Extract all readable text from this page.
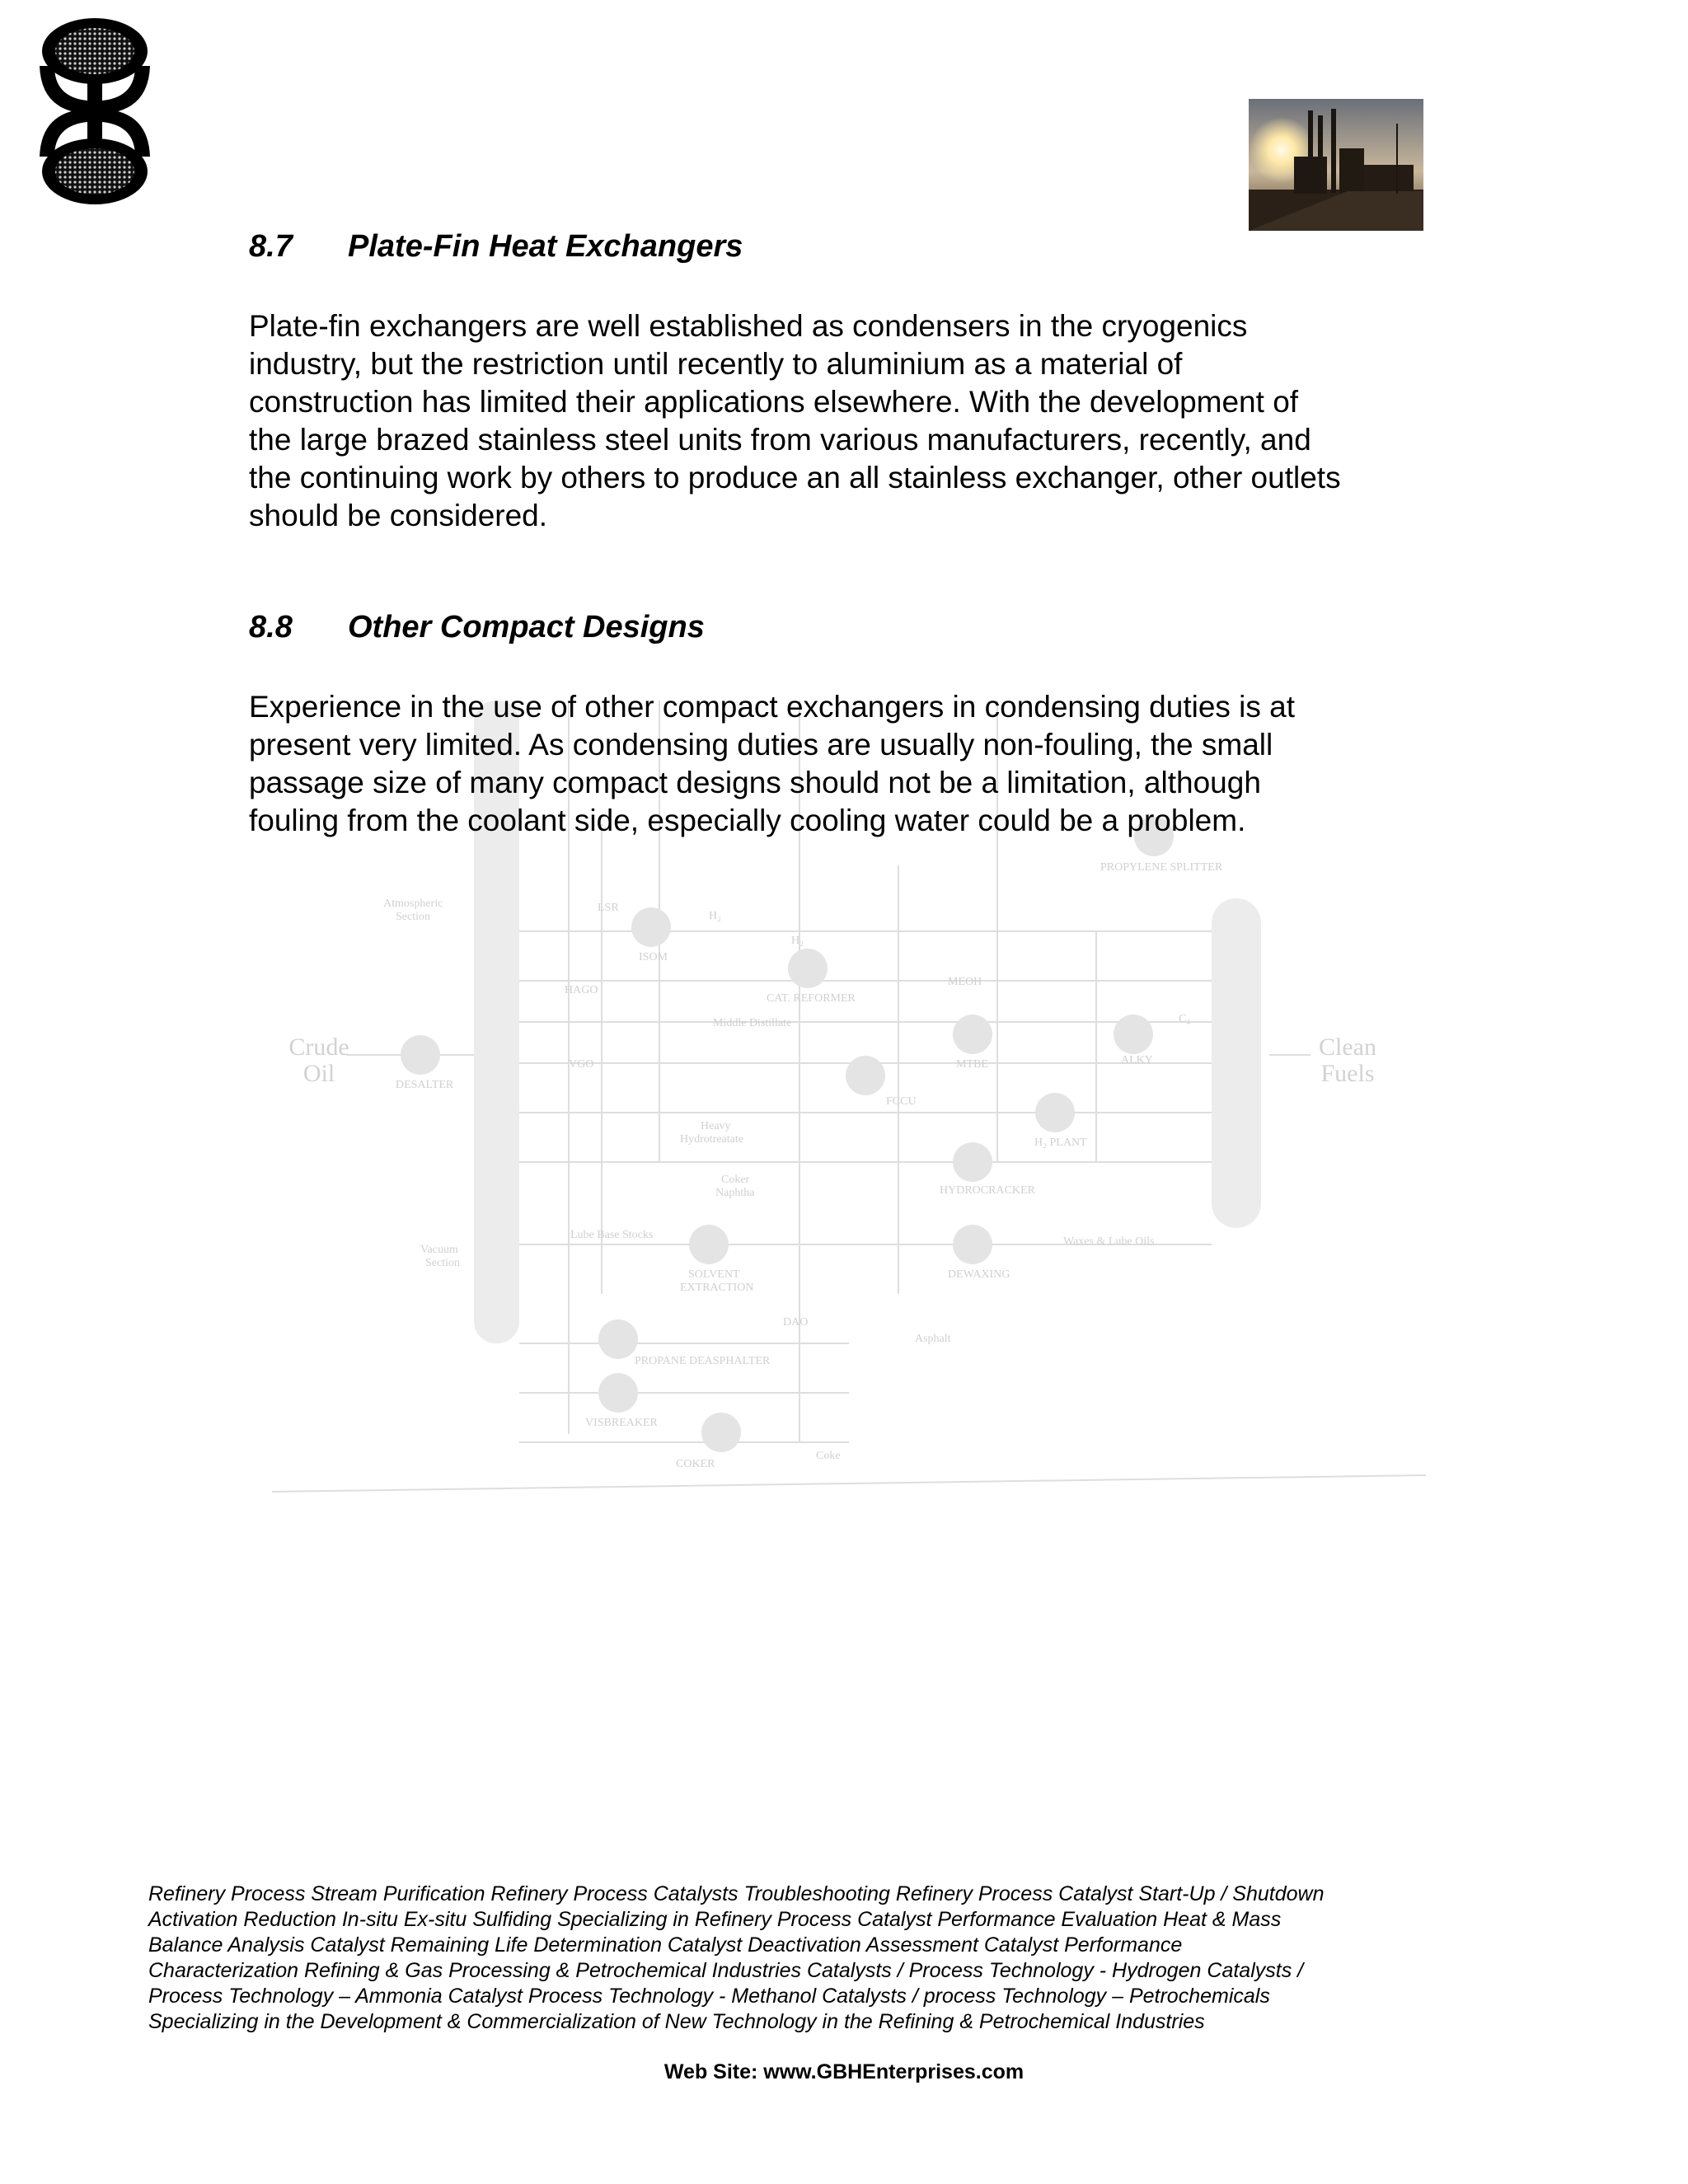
8.7 Plate-Fin Heat Exchangers
Plate-fin exchangers are well established as condensers in the cryogenics
industry, but the restriction until recently to aluminium as a material of
construction has limited their applications elsewhere. With the development of
the large brazed stainless steel units from various manufacturers, recently, and
the continuing work by others to produce an all stainless exchanger, other outlets
should be considered.
Crude
Oil
Clean
Fuels
DESALTER
Atmospheric
Section
Vacuum
Section
LSR
H₂
H₂
ISOM
CAT. REFORMER
MEOH
HAGO
Middle Distillate
VGO	MTBE	ALKY
C₄
FCCU
H₂ PLANT
Heavy
Hydrotreatate
Coker
Naphtha	HYDROCRACKER
Lube Base Stocks
SOLVENT
EXTRACTION
DEWAXING
Waxes & Lube Oils
DAO
Asphalt
PROPANE DEASPHALTER
VISBREAKER
COKER
Coke
PROPYLENE SPLITTER
8.8 Other Compact Designs
Experience in the use of other compact exchangers in condensing duties is at
present very limited. As condensing duties are usually non-fouling, the small
passage size of many compact designs should not be a limitation, although
fouling from the coolant side, especially cooling water could be a problem.
Refinery Process Stream Purification Refinery Process Catalysts Troubleshooting Refinery Process Catalyst Start-Up / Shutdown
Activation Reduction In-situ Ex-situ Sulfiding Specializing in Refinery Process Catalyst Performance Evaluation Heat & Mass
Balance Analysis Catalyst Remaining Life Determination Catalyst Deactivation Assessment Catalyst Performance
Characterization Refining & Gas Processing & Petrochemical Industries Catalysts / Process Technology - Hydrogen Catalysts /
Process Technology – Ammonia Catalyst Process Technology - Methanol Catalysts / process Technology – Petrochemicals
Specializing in the Development & Commercialization of New Technology in the Refining & Petrochemical Industries
Web Site: www.GBHEnterprises.com
